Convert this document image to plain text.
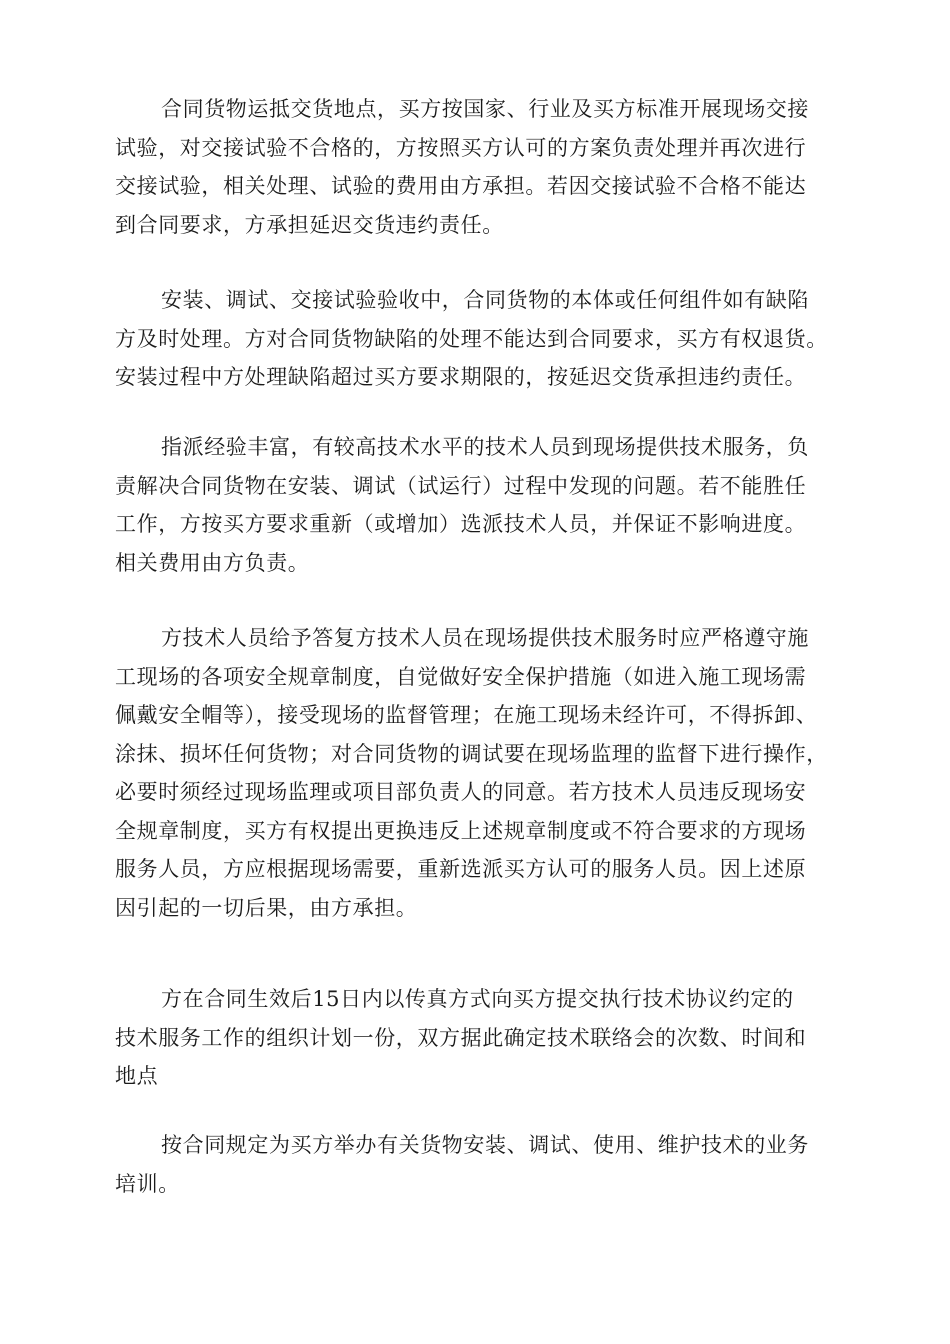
合同货物运抵交货地点，买方按国家、行业及买方标准开展现场交接
试验，对交接试验不合格的，方按照买方认可的方案负责处理并再次进行
交接试验，相关处理、试验的费用由方承担。若因交接试验不合格不能达
到合同要求，方承担延迟交货违约责任。

安装、调试、交接试验验收中，合同货物的本体或任何组件如有缺陷
方及时处理。方对合同货物缺陷的处理不能达到合同要求，买方有权退货。
安装过程中方处理缺陷超过买方要求期限的，按延迟交货承担违约责任。

指派经验丰富，有较高技术水平的技术人员到现场提供技术服务，负
责解决合同货物在安装、调试（试运行）过程中发现的问题。若不能胜任
工作，方按买方要求重新（或增加）选派技术人员，并保证不影响进度。
相关费用由方负责。

方技术人员给予答复方技术人员在现场提供技术服务时应严格遵守施
工现场的各项安全规章制度，自觉做好安全保护措施（如进入施工现场需
佩戴安全帽等），接受现场的监督管理；在施工现场未经许可，不得拆卸、
涂抹、损坏任何货物；对合同货物的调试要在现场监理的监督下进行操作，
必要时须经过现场监理或项目部负责人的同意。若方技术人员违反现场安
全规章制度，买方有权提出更换违反上述规章制度或不符合要求的方现场
服务人员，方应根据现场需要，重新选派买方认可的服务人员。因上述原
因引起的一切后果，由方承担。

方在合同生效后15日内以传真方式向买方提交执行技术协议约定的
技术服务工作的组织计划一份，双方据此确定技术联络会的次数、时间和
地点

按合同规定为买方举办有关货物安装、调试、使用、维护技术的业务
培训。
